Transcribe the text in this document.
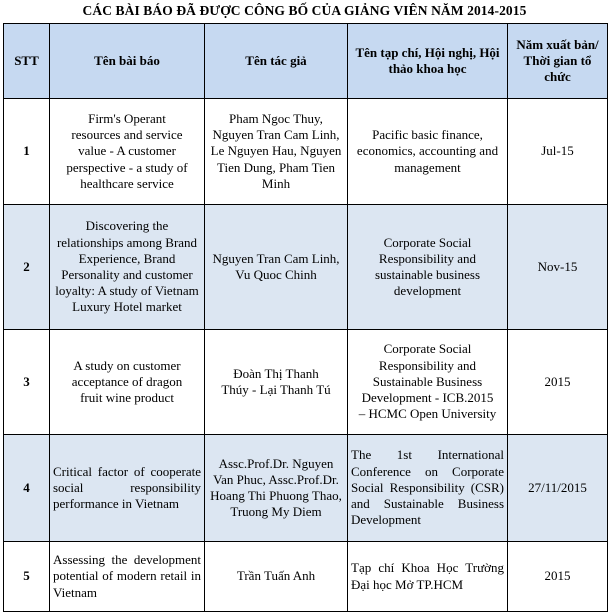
CÁC BÀI BÁO ĐÃ ĐƯỢC CÔNG BỐ CỦA GIẢNG VIÊN NĂM 2014-2015
STT	Tên bài báo	Tên tác giả	Tên tạp chí, Hội nghị, Hội thảo khoa học	Năm xuất bản/ Thời gian tổ chức
1	Firm's Operant resources and service value - A customer perspective - a study of healthcare service	Pham Ngoc Thuy, Nguyen Tran Cam Linh, Le Nguyen Hau, Nguyen Tien Dung, Pham Tien Minh	Pacific basic finance, economics, accounting and management	Jul-15
2	Discovering the relationships among Brand Experience, Brand Personality and customer loyalty: A study of Vietnam Luxury Hotel market	Nguyen Tran Cam Linh, Vu Quoc Chinh	Corporate Social Responsibility and sustainable business development	Nov-15
3	A study on customer acceptance of dragon fruit wine product	Đoàn Thị Thanh Thúy - Lại Thanh Tú	Corporate Social Responsibility and Sustainable Business Development - ICB.2015 – HCMC Open University	2015
4	Critical factor of cooperate social responsibility performance in Vietnam	Assc.Prof.Dr. Nguyen Van Phuc, Assc.Prof.Dr. Hoang Thi Phuong Thao, Truong My Diem	The 1st International Conference on Corporate Social Responsibility (CSR) and Sustainable Business Development	27/11/2015
5	Assessing the development potential of modern retail in Vietnam	Trần Tuấn Anh	Tạp chí Khoa Học Trường Đại học Mở TP.HCM	2015
